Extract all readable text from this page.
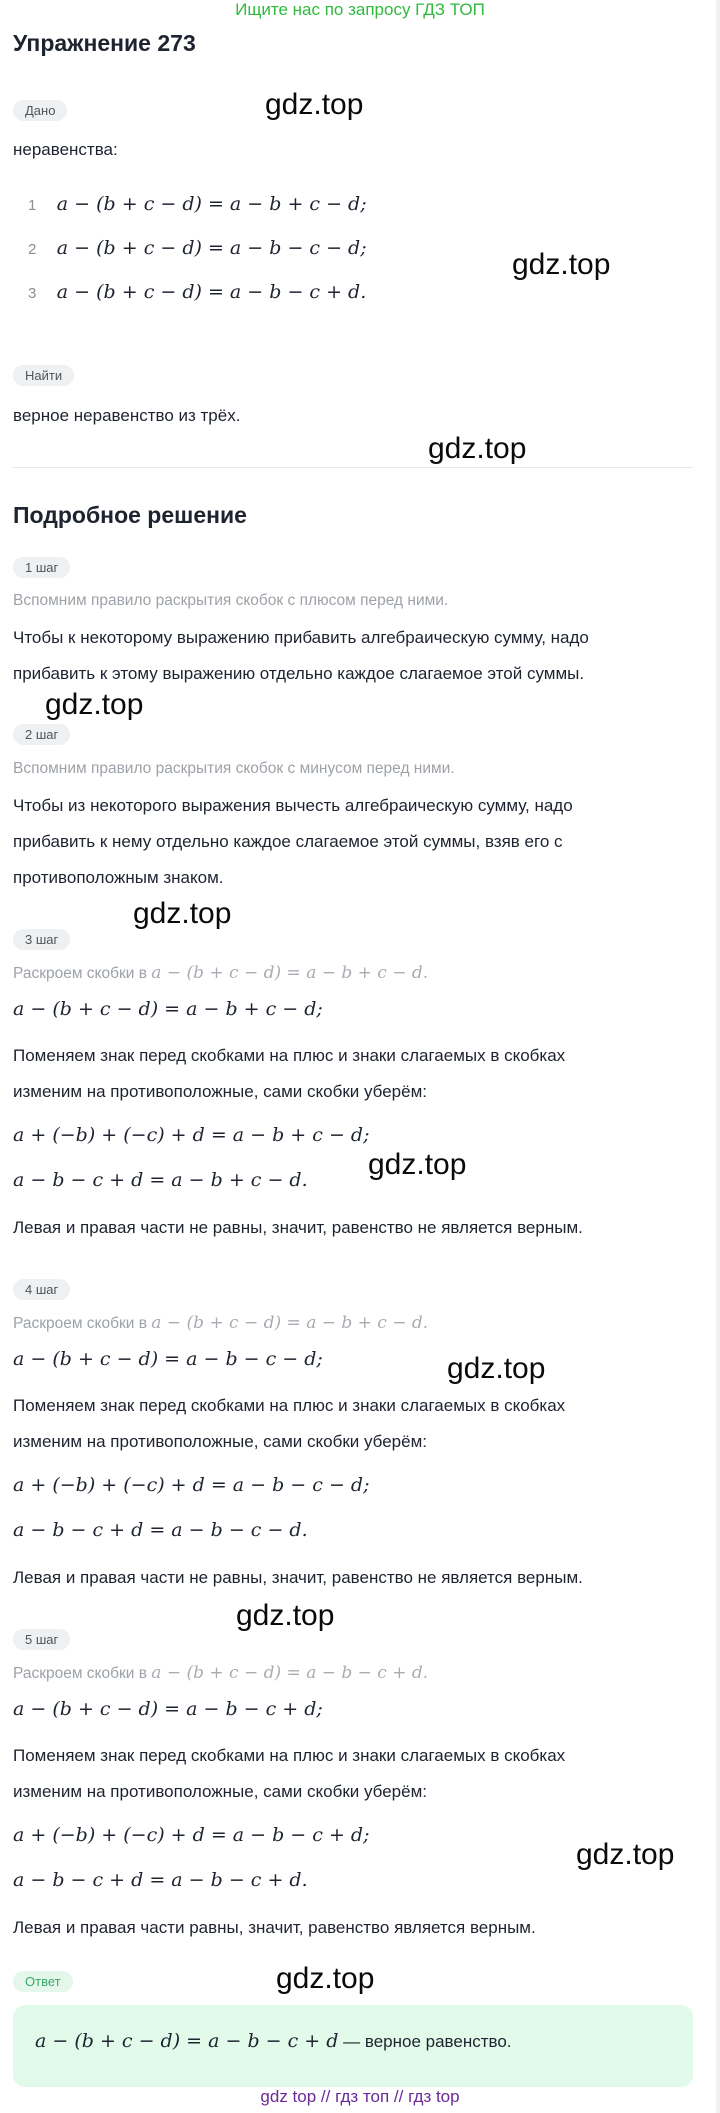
Ищите нас по запросу ГДЗ ТОП
Упражнение 273
Дано
неравенства:
1 a − (b + c − d) = a − b + c − d;
2 a − (b + c − d) = a − b − c − d;
3 a − (b + c − d) = a − b − c + d.
Найти
верное неравенство из трёх.
Подробное решение
1 шаг
Вспомним правило раскрытия скобок с плюсом перед ними.
Чтобы к некоторому выражению прибавить алгебраическую сумму, надо
прибавить к этому выражению отдельно каждое слагаемое этой суммы.
2 шаг
Вспомним правило раскрытия скобок с минусом перед ними.
Чтобы из некоторого выражения вычесть алгебраическую сумму, надо
прибавить к нему отдельно каждое слагаемое этой суммы, взяв его с
противоположным знаком.
3 шаг
Раскроем скобки в a − (b + c − d) = a − b + c − d.
a − (b + c − d) = a − b + c − d;
Поменяем знак перед скобками на плюс и знаки слагаемых в скобках
изменим на противоположные, сами скобки уберём:
a + (−b) + (−c) + d = a − b + c − d;
a − b − c + d = a − b + c − d.
Левая и правая части не равны, значит, равенство не является верным.
4 шаг
Раскроем скобки в a − (b + c − d) = a − b + c − d.
a − (b + c − d) = a − b − c − d;
Поменяем знак перед скобками на плюс и знаки слагаемых в скобках
изменим на противоположные, сами скобки уберём:
a + (−b) + (−c) + d = a − b − c − d;
a − b − c + d = a − b − c − d.
Левая и правая части не равны, значит, равенство не является верным.
5 шаг
Раскроем скобки в a − (b + c − d) = a − b − c + d.
a − (b + c − d) = a − b − c + d;
Поменяем знак перед скобками на плюс и знаки слагаемых в скобках
изменим на противоположные, сами скобки уберём:
a + (−b) + (−c) + d = a − b − c + d;
a − b − c + d = a − b − c + d.
Левая и правая части равны, значит, равенство является верным.
Ответ
a − (b + c − d) = a − b − c + d — верное равенство.
gdz.top
gdz.top
gdz.top
gdz.top
gdz.top
gdz.top
gdz.top
gdz.top
gdz.top
gdz.top
gdz top // гдз топ // гдз top
